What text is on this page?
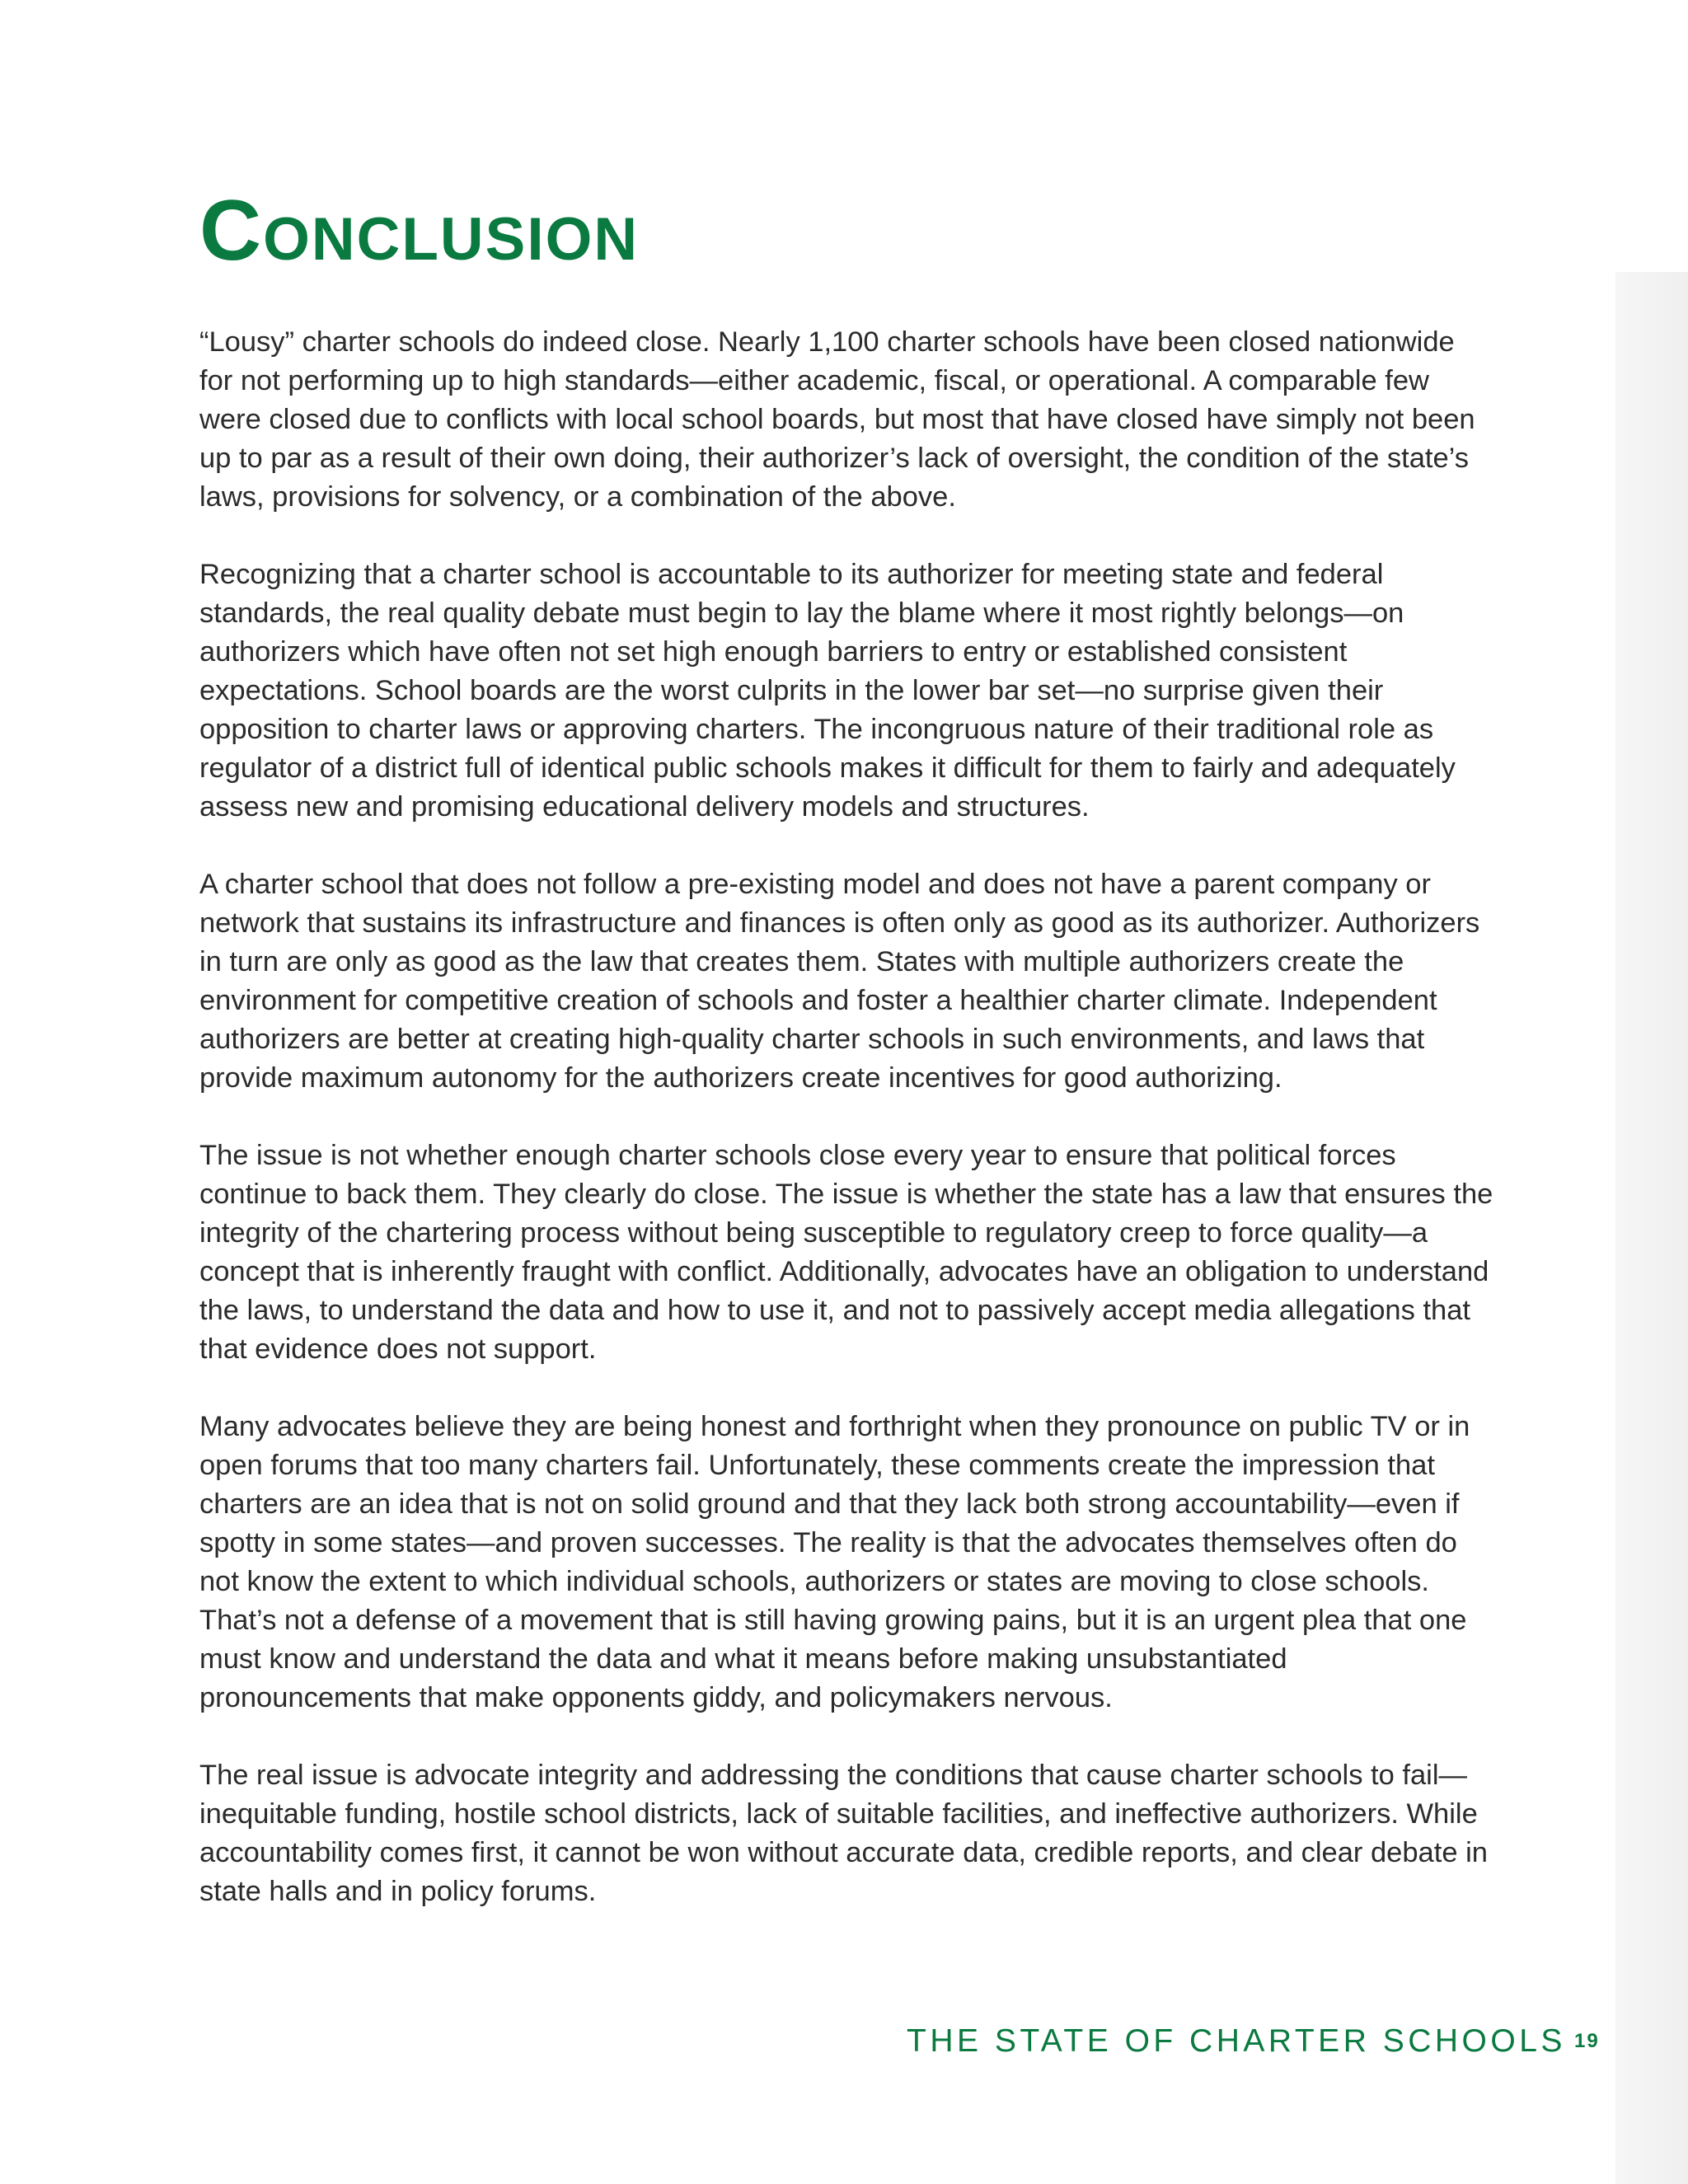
Conclusion

“Lousy” charter schools do indeed close. Nearly 1,100 charter schools have been closed nationwide for not performing up to high standards—either academic, fiscal, or operational. A comparable few were closed due to conflicts with local school boards, but most that have closed have simply not been up to par as a result of their own doing, their authorizer’s lack of oversight, the condition of the state’s laws, provisions for solvency, or a combination of the above.

Recognizing that a charter school is accountable to its authorizer for meeting state and federal standards, the real quality debate must begin to lay the blame where it most rightly belongs—on authorizers which have often not set high enough barriers to entry or established consistent expectations. School boards are the worst culprits in the lower bar set—no surprise given their opposition to charter laws or approving charters. The incongruous nature of their traditional role as regulator of a district full of identical public schools makes it difficult for them to fairly and adequately assess new and promising educational delivery models and structures.

A charter school that does not follow a pre-existing model and does not have a parent company or network that sustains its infrastructure and finances is often only as good as its authorizer. Authorizers in turn are only as good as the law that creates them. States with multiple authorizers create the environment for competitive creation of schools and foster a healthier charter climate. Independent authorizers are better at creating high-quality charter schools in such environments, and laws that provide maximum autonomy for the authorizers create incentives for good authorizing.

The issue is not whether enough charter schools close every year to ensure that political forces continue to back them. They clearly do close. The issue is whether the state has a law that ensures the integrity of the chartering process without being susceptible to regulatory creep to force quality—a concept that is inherently fraught with conflict. Additionally, advocates have an obligation to understand the laws, to understand the data and how to use it, and not to passively accept media allegations that that evidence does not support.

Many advocates believe they are being honest and forthright when they pronounce on public TV or in open forums that too many charters fail. Unfortunately, these comments create the impression that charters are an idea that is not on solid ground and that they lack both strong accountability—even if spotty in some states—and proven successes. The reality is that the advocates themselves often do not know the extent to which individual schools, authorizers or states are moving to close schools. That’s not a defense of a movement that is still having growing pains, but it is an urgent plea that one must know and understand the data and what it means before making unsubstantiated pronouncements that make opponents giddy, and policymakers nervous.

The real issue is advocate integrity and addressing the conditions that cause charter schools to fail—inequitable funding, hostile school districts, lack of suitable facilities, and ineffective authorizers. While accountability comes first, it cannot be won without accurate data, credible reports, and clear debate in state halls and in policy forums.

THE STATE OF CHARTER SCHOOLS 19
